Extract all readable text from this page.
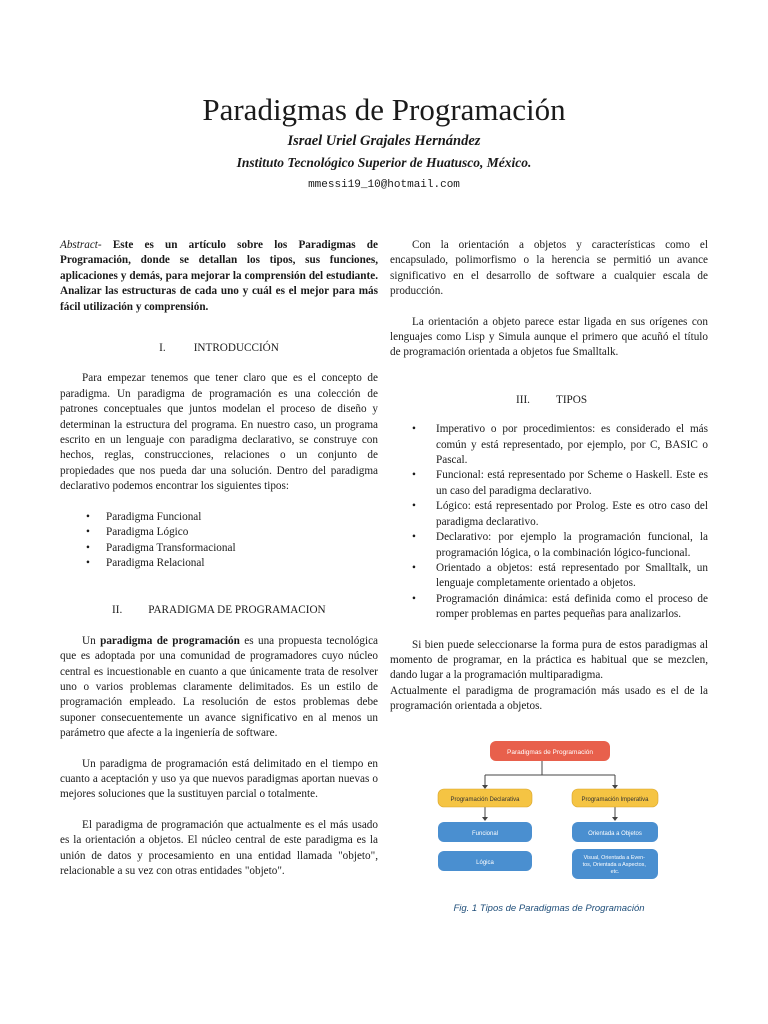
Paradigmas de Programación
Israel Uriel Grajales Hernández
Instituto Tecnológico Superior de Huatusco, México.
mmessi19_10@hotmail.com

Abstract- Este es un artículo sobre los Paradigmas de Programación, donde se detallan los tipos, sus funciones, aplicaciones y demás, para mejorar la comprensión del estudiante. Analizar las estructuras de cada uno y cuál es el mejor para más fácil utilización y comprensión.

I.	INTRODUCCIÓN

Para empezar tenemos que tener claro que es el concepto de paradigma. Un paradigma de programación es una colección de patrones conceptuales que juntos modelan el proceso de diseño y determinan la estructura del programa. En nuestro caso, un programa escrito en un lenguaje con paradigma declarativo, se construye con hechos, reglas, construcciones, relaciones o un conjunto de propiedades que nos pueda dar una solución. Dentro del paradigma declarativo podemos encontrar los siguientes tipos:

• Paradigma Funcional
• Paradigma Lógico
• Paradigma Transformacional
• Paradigma Relacional
II. PARADIGMA DE PROGRAMACION

Un paradigma de programación es una propuesta tecnológica que es adoptada por una comunidad de programadores cuyo núcleo central es incuestionable en cuanto a que únicamente trata de resolver uno o varios problemas claramente delimitados. Es un estilo de programación empleado. La resolución de estos problemas debe suponer consecuentemente un avance significativo en al menos un parámetro que afecte a la ingeniería de software.

Un paradigma de programación está delimitado en el tiempo en cuanto a aceptación y uso ya que nuevos paradigmas aportan nuevas o mejores soluciones que la sustituyen parcial o totalmente.

El paradigma de programación que actualmente es el más usado es la orientación a objetos. El núcleo central de este paradigma es la unión de datos y procesamiento en una entidad llamada "objeto", relacionable a su vez con otras entidades "objeto".

Con la orientación a objetos y características como el encapsulado, polimorfismo o la herencia se permitió un avance significativo en el desarrollo de software a cualquier escala de producción.

La orientación a objeto parece estar ligada en sus orígenes con lenguajes como Lisp y Simula aunque el primero que acuñó el título de programación orientada a objetos fue Smalltalk.

III. TIPOS
• Imperativo o por procedimientos: es considerado el más común y está representado, por ejemplo, por C, BASIC o Pascal.
• Funcional: está representado por Scheme o Haskell. Este es un caso del paradigma declarativo.
• Lógico: está representado por Prolog. Este es otro caso del paradigma declarativo.
• Declarativo: por ejemplo la programación funcional, la programación lógica, o la combinación lógico-funcional.
• Orientado a objetos: está representado por Smalltalk, un lenguaje completamente orientado a objetos.
• Programación dinámica: está definida como el proceso de romper problemas en partes pequeñas para analizarlos.

Si bien puede seleccionarse la forma pura de estos paradigmas al momento de programar, en la práctica es habitual que se mezclen, dando lugar a la programación multiparadigma.

Actualmente el paradigma de programación más usado es el de la programación orientada a objetos.

Paradigmas de Programación
Programación Declarativa	Programación Imperativa
Funcional	Orientada a Objetos
Lógica
Visual, Orientada a Even- tos, Orientada a Aspectos, etc.
Fig. 1 Tipos de Paradigmas de Programación
